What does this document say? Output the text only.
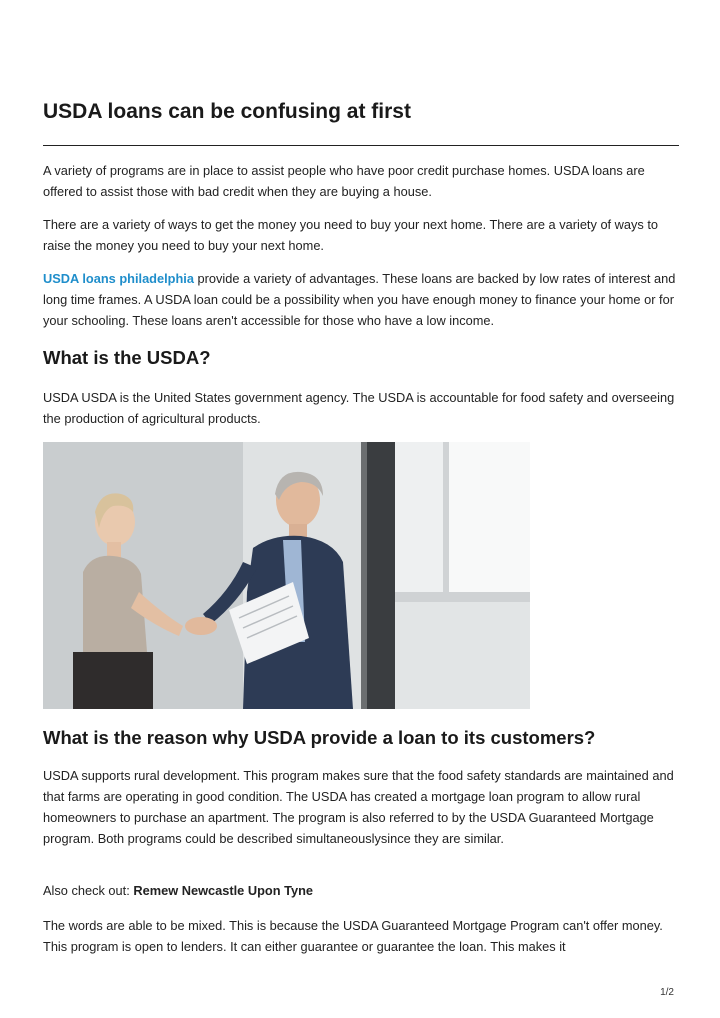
USDA loans can be confusing at first

A variety of programs are in place to assist people who have poor credit purchase homes. USDA loans are offered to assist those with bad credit when they are buying a house.

There are a variety of ways to get the money you need to buy your next home. There are a variety of ways to raise the money you need to buy your next home.

USDA loans philadelphia provide a variety of advantages. These loans are backed by low rates of interest and long time frames. A USDA loan could be a possibility when you have enough money to finance your home or for your schooling. These loans aren't accessible for those who have a low income.

What is the USDA?

USDA USDA is the United States government agency. The USDA is accountable for food safety and overseeing the production of agricultural products.

What is the reason why USDA provide a loan to its customers?

USDA supports rural development. This program makes sure that the food safety standards are maintained and that farms are operating in good condition. The USDA has created a mortgage loan program to allow rural homeowners to purchase an apartment. The program is also referred to by the USDA Guaranteed Mortgage program. Both programs could be described simultaneouslysince they are similar.

Also check out: Remew Newcastle Upon Tyne

The words are able to be mixed. This is because the USDA Guaranteed Mortgage Program can't offer money. This program is open to lenders. It can either guarantee or guarantee the loan. This makes it

1/2
